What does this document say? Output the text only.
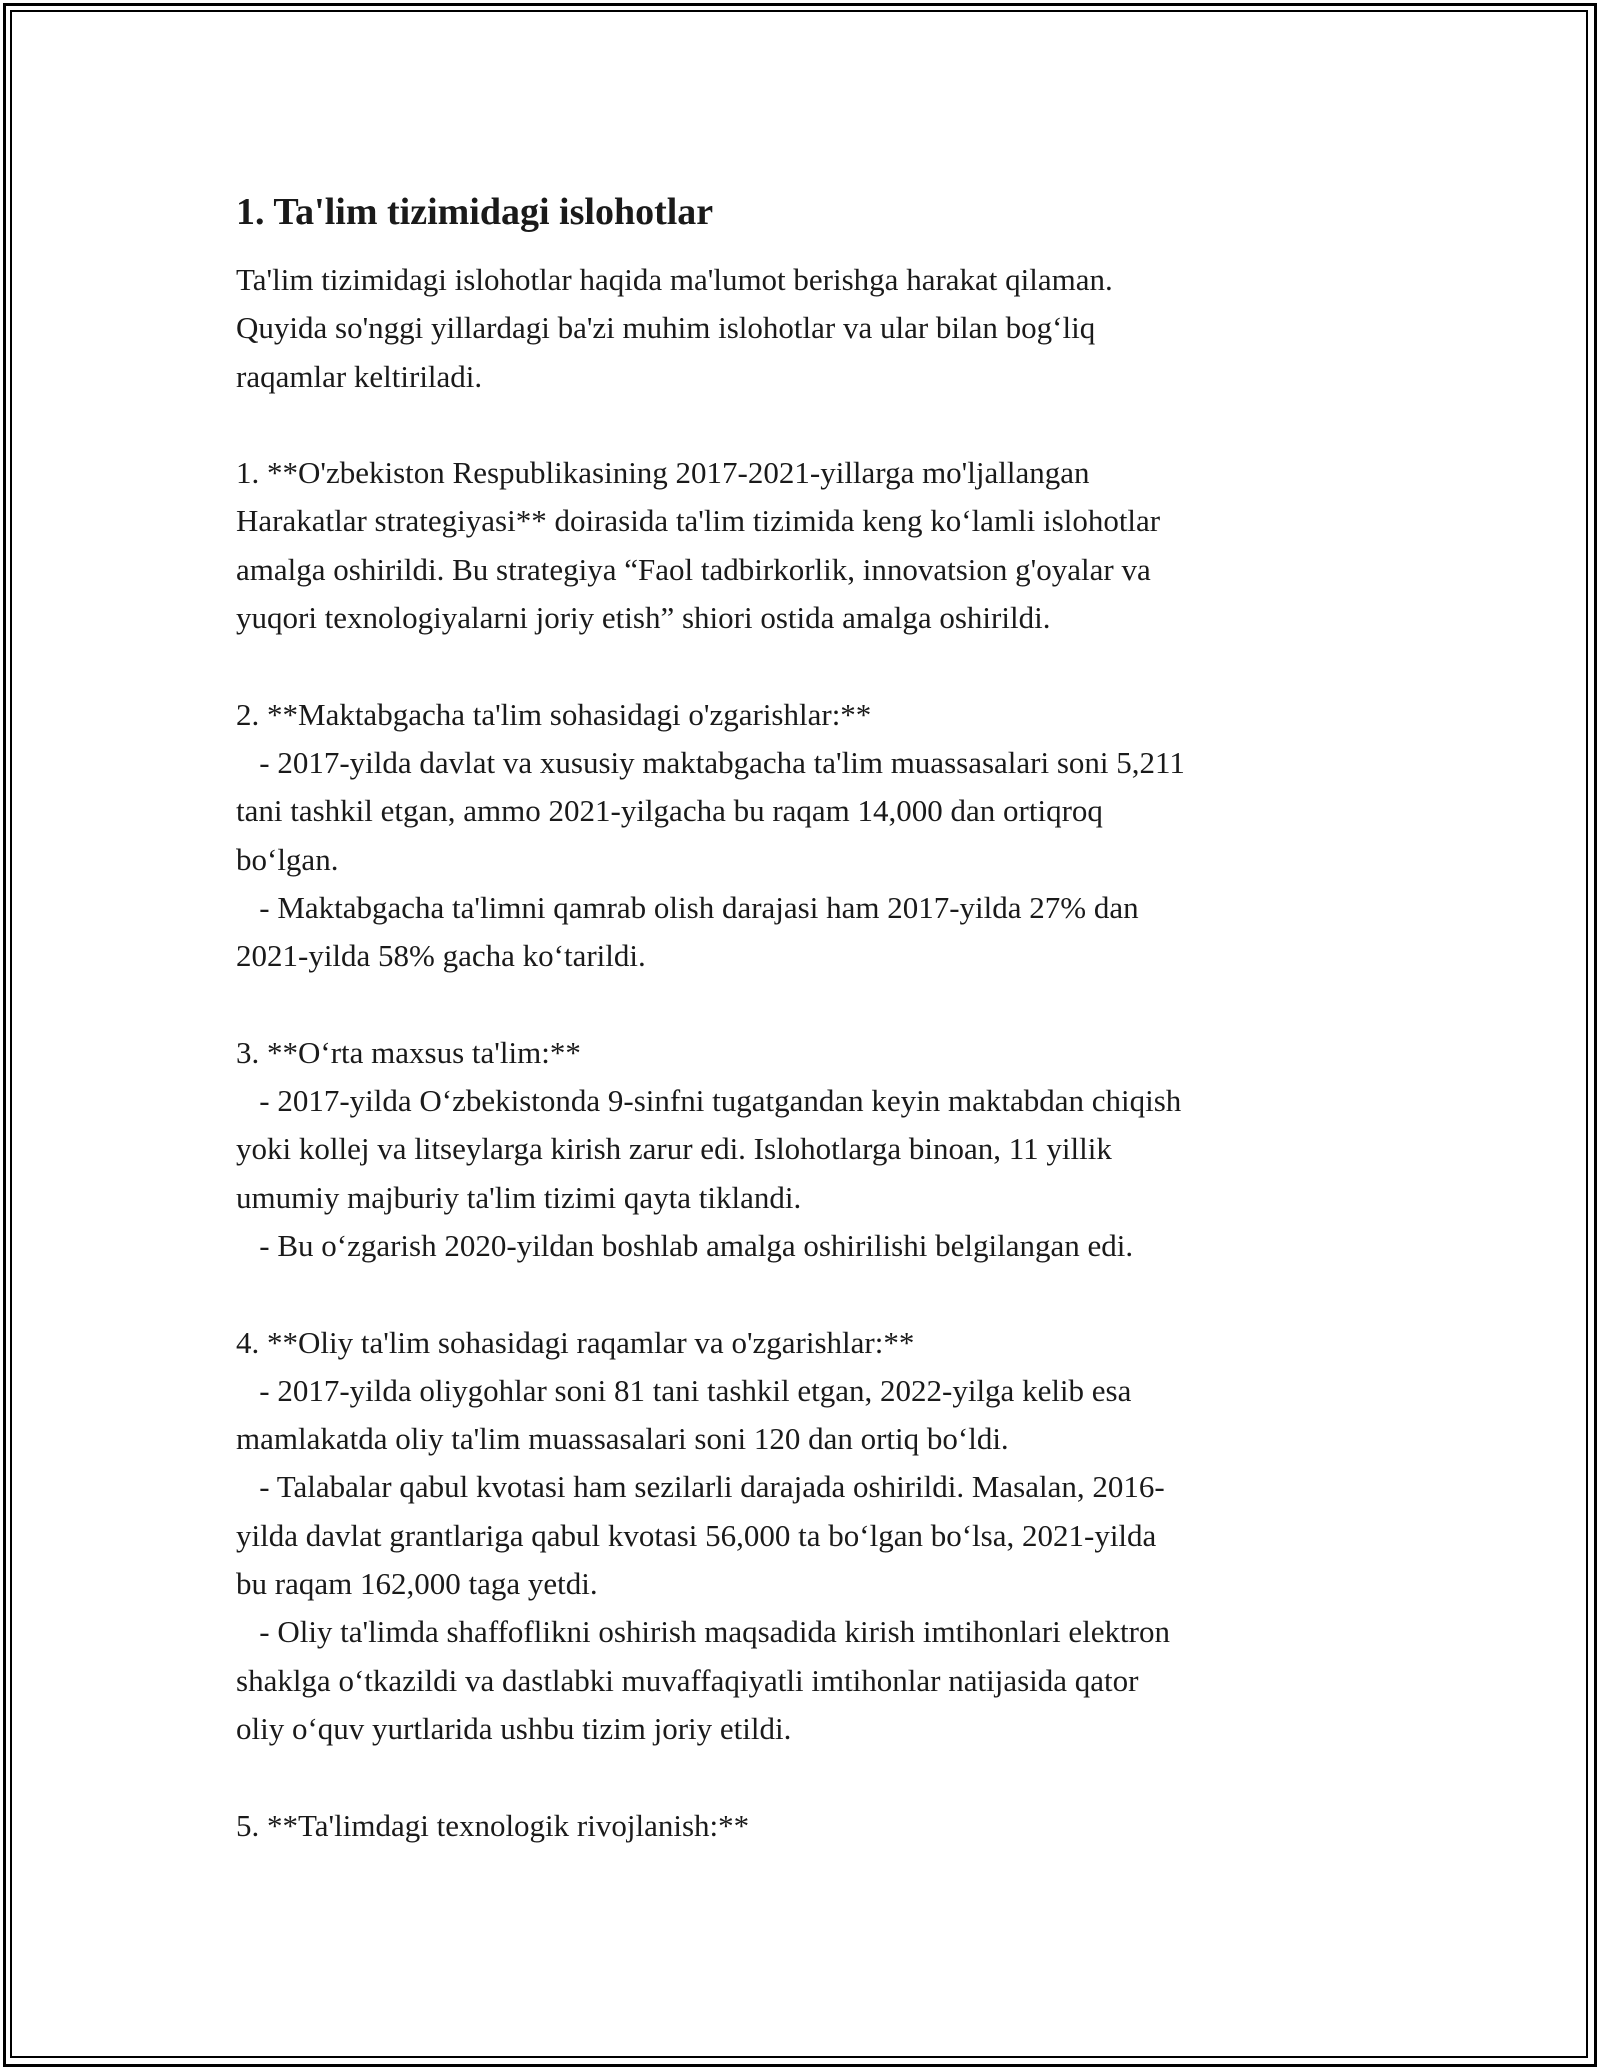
1. Ta'lim tizimidagi islohotlar
Ta'lim tizimidagi islohotlar haqida ma'lumot berishga harakat qilaman.
Quyida so'nggi yillardagi ba'zi muhim islohotlar va ular bilan bog‘liq
raqamlar keltiriladi.

1. **O'zbekiston Respublikasining 2017-2021-yillarga mo'ljallangan
Harakatlar strategiyasi** doirasida ta'lim tizimida keng ko‘lamli islohotlar
amalga oshirildi. Bu strategiya “Faol tadbirkorlik, innovatsion g'oyalar va
yuqori texnologiyalarni joriy etish” shiori ostida amalga oshirildi.

2. **Maktabgacha ta'lim sohasidagi o'zgarishlar:**
- 2017-yilda davlat va xususiy maktabgacha ta'lim muassasalari soni 5,211
tani tashkil etgan, ammo 2021-yilgacha bu raqam 14,000 dan ortiqroq
bo‘lgan.
- Maktabgacha ta'limni qamrab olish darajasi ham 2017-yilda 27% dan
2021-yilda 58% gacha ko‘tarildi.

3. **O‘rta maxsus ta'lim:**
- 2017-yilda O‘zbekistonda 9-sinfni tugatgandan keyin maktabdan chiqish
yoki kollej va litseylarga kirish zarur edi. Islohotlarga binoan, 11 yillik
umumiy majburiy ta'lim tizimi qayta tiklandi.
- Bu o‘zgarish 2020-yildan boshlab amalga oshirilishi belgilangan edi.

4. **Oliy ta'lim sohasidagi raqamlar va o'zgarishlar:**
- 2017-yilda oliygohlar soni 81 tani tashkil etgan, 2022-yilga kelib esa
mamlakatda oliy ta'lim muassasalari soni 120 dan ortiq bo‘ldi.
- Talabalar qabul kvotasi ham sezilarli darajada oshirildi. Masalan, 2016-
yilda davlat grantlariga qabul kvotasi 56,000 ta bo‘lgan bo‘lsa, 2021-yilda
bu raqam 162,000 taga yetdi.
- Oliy ta'limda shaffoflikni oshirish maqsadida kirish imtihonlari elektron
shaklga o‘tkazildi va dastlabki muvaffaqiyatli imtihonlar natijasida qator
oliy o‘quv yurtlarida ushbu tizim joriy etildi.

5. **Ta'limdagi texnologik rivojlanish:**
